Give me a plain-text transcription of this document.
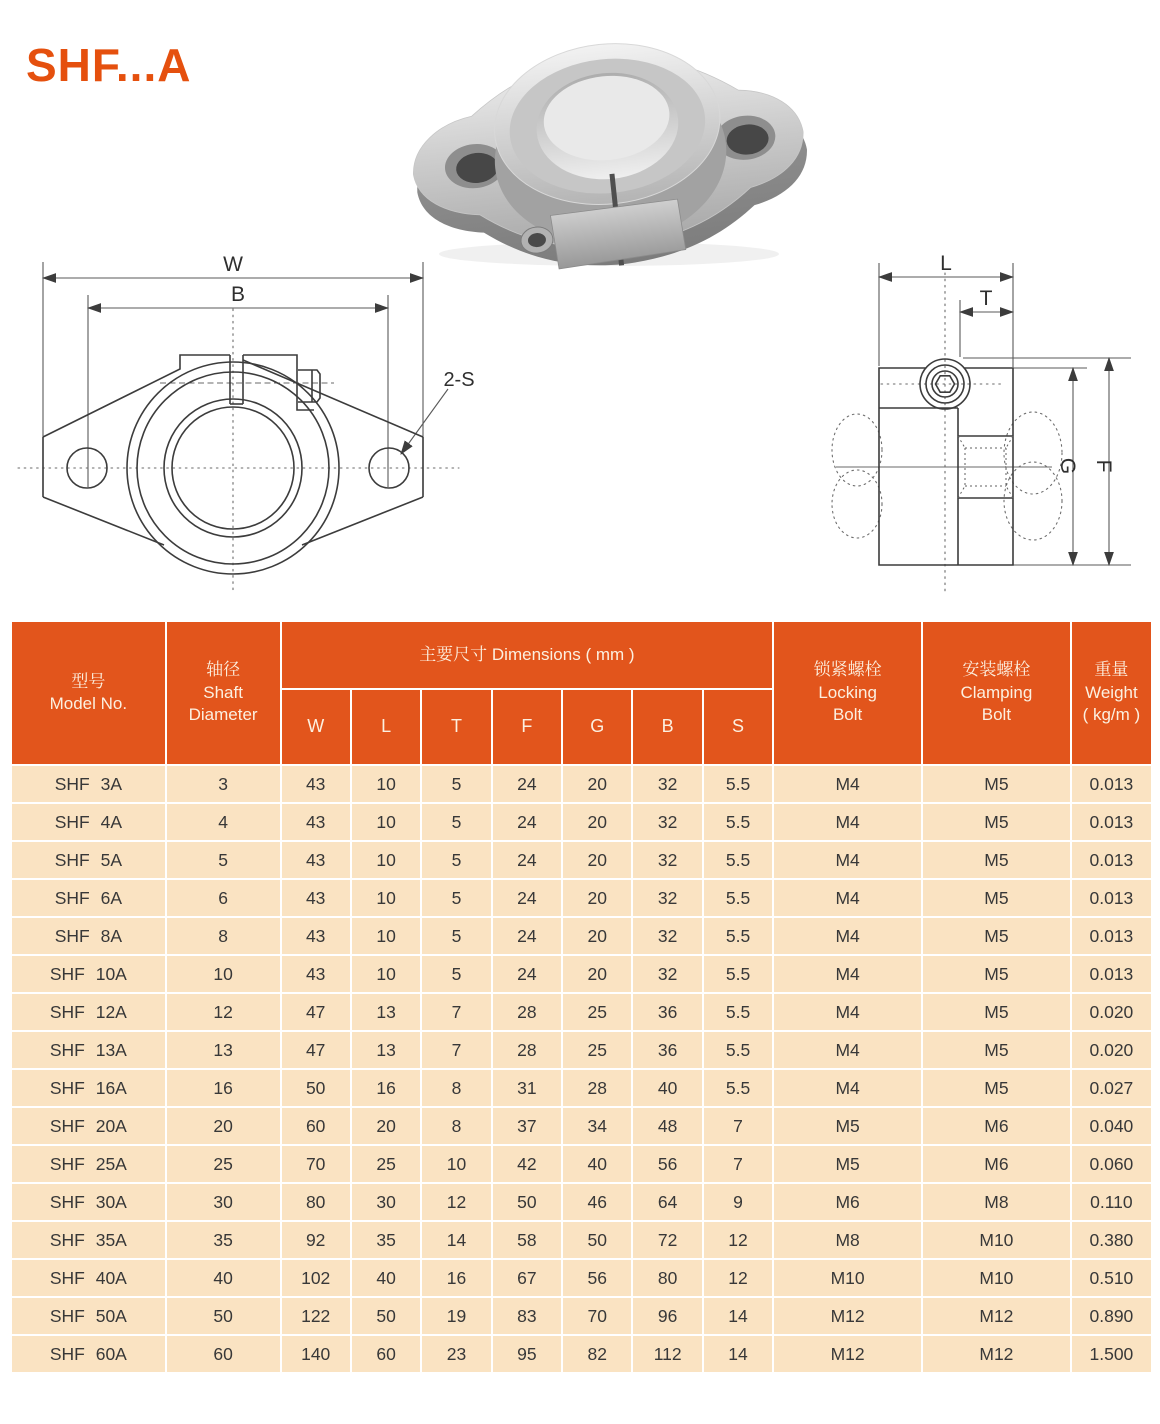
SHF...A
W
B
2-S
L
T
G F
型号
Model No.	轴径
Shaft
Diameter	主要尺寸 Dimensions ( mm )							锁紧螺栓
Locking
Bolt	安装螺栓
Clamping
Bolt	重量
Weight
( kg/m )

		W	L	T	F	G	B	S			
SHF 3A	3	43	10	5	24	20	32	5.5	M4	M5	0.013
SHF 4A	4	43	10	5	24	20	32	5.5	M4	M5	0.013
SHF 5A	5	43	10	5	24	20	32	5.5	M4	M5	0.013
SHF 6A	6	43	10	5	24	20	32	5.5	M4	M5	0.013
SHF 8A	8	43	10	5	24	20	32	5.5	M4	M5	0.013
SHF 10A	10	43	10	5	24	20	32	5.5	M4	M5	0.013
SHF 12A	12	47	13	7	28	25	36	5.5	M4	M5	0.020
SHF 13A	13	47	13	7	28	25	36	5.5	M4	M5	0.020
SHF 16A	16	50	16	8	31	28	40	5.5	M4	M5	0.027
SHF 20A	20	60	20	8	37	34	48	7	M5	M6	0.040
SHF 25A	25	70	25	10	42	40	56	7	M5	M6	0.060
SHF 30A	30	80	30	12	50	46	64	9	M6	M8	0.110
SHF 35A	35	92	35	14	58	50	72	12	M8	M10	0.380
SHF 40A	40	102	40	16	67	56	80	12	M10	M10	0.510
SHF 50A	50	122	50	19	83	70	96	14	M12	M12	0.890
SHF 60A	60	140	60	23	95	82	112	14	M12	M12	1.500
